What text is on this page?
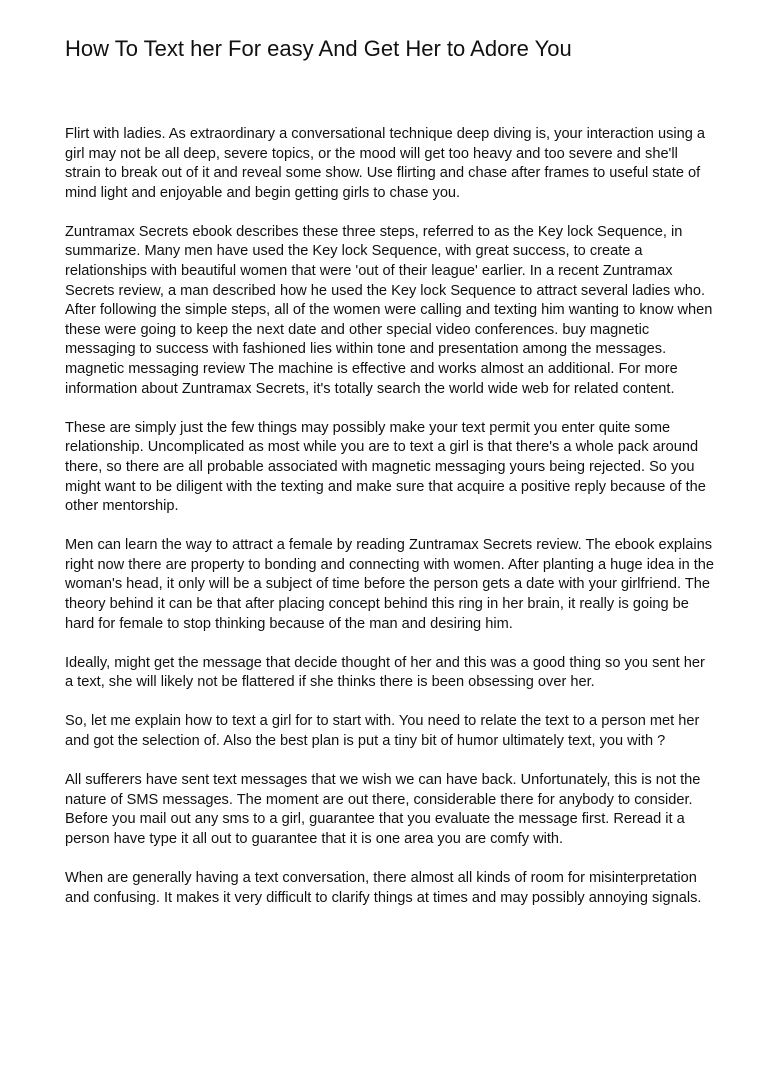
How To Text her For easy And Get Her to Adore You

Flirt with ladies. As extraordinary a conversational technique deep diving is, your interaction using a girl may not be all deep, severe topics, or the mood will get too heavy and too severe and she'll strain to break out of it and reveal some show. Use flirting and chase after frames to useful state of mind light and enjoyable and begin getting girls to chase you.

Zuntramax Secrets ebook describes these three steps, referred to as the Key lock Sequence, in summarize. Many men have used the Key lock Sequence, with great success, to create a relationships with beautiful women that were 'out of their league' earlier. In a recent Zuntramax Secrets review, a man described how he used the Key lock Sequence to attract several ladies who. After following the simple steps, all of the women were calling and texting him wanting to know when these were going to keep the next date and other special video conferences. buy magnetic messaging to success with fashioned lies within tone and presentation among the messages. magnetic messaging review The machine is effective and works almost an additional. For more information about Zuntramax Secrets, it's totally search the world wide web for related content.

These are simply just the few things may possibly make your text permit you enter quite some relationship. Uncomplicated as most while you are to text a girl is that there's a whole pack around there, so there are all probable associated with magnetic messaging yours being rejected. So you might want to be diligent with the texting and make sure that acquire a positive reply because of the other mentorship.

Men can learn the way to attract a female by reading Zuntramax Secrets review. The ebook explains right now there are property to bonding and connecting with women. After planting a huge idea in the woman's head, it only will be a subject of time before the person gets a date with your girlfriend. The theory behind it can be that after placing concept behind this ring in her brain, it really is going be hard for female to stop thinking because of the man and desiring him.

Ideally, might get the message that decide thought of her and this was a good thing so you sent her a text, she will likely not be flattered if she thinks there is been obsessing over her.

So, let me explain how to text a girl for to start with. You need to relate the text to a person met her and got the selection of. Also the best plan is put a tiny bit of humor ultimately text, you with ?

All sufferers have sent text messages that we wish we can have back. Unfortunately, this is not the nature of SMS messages. The moment are out there, considerable there for anybody to consider. Before you mail out any sms to a girl, guarantee that you evaluate the message first. Reread it a person have type it all out to guarantee that it is one area you are comfy with.

When are generally having a text conversation, there almost all kinds of room for misinterpretation and confusing. It makes it very difficult to clarify things at times and may possibly annoying signals.
